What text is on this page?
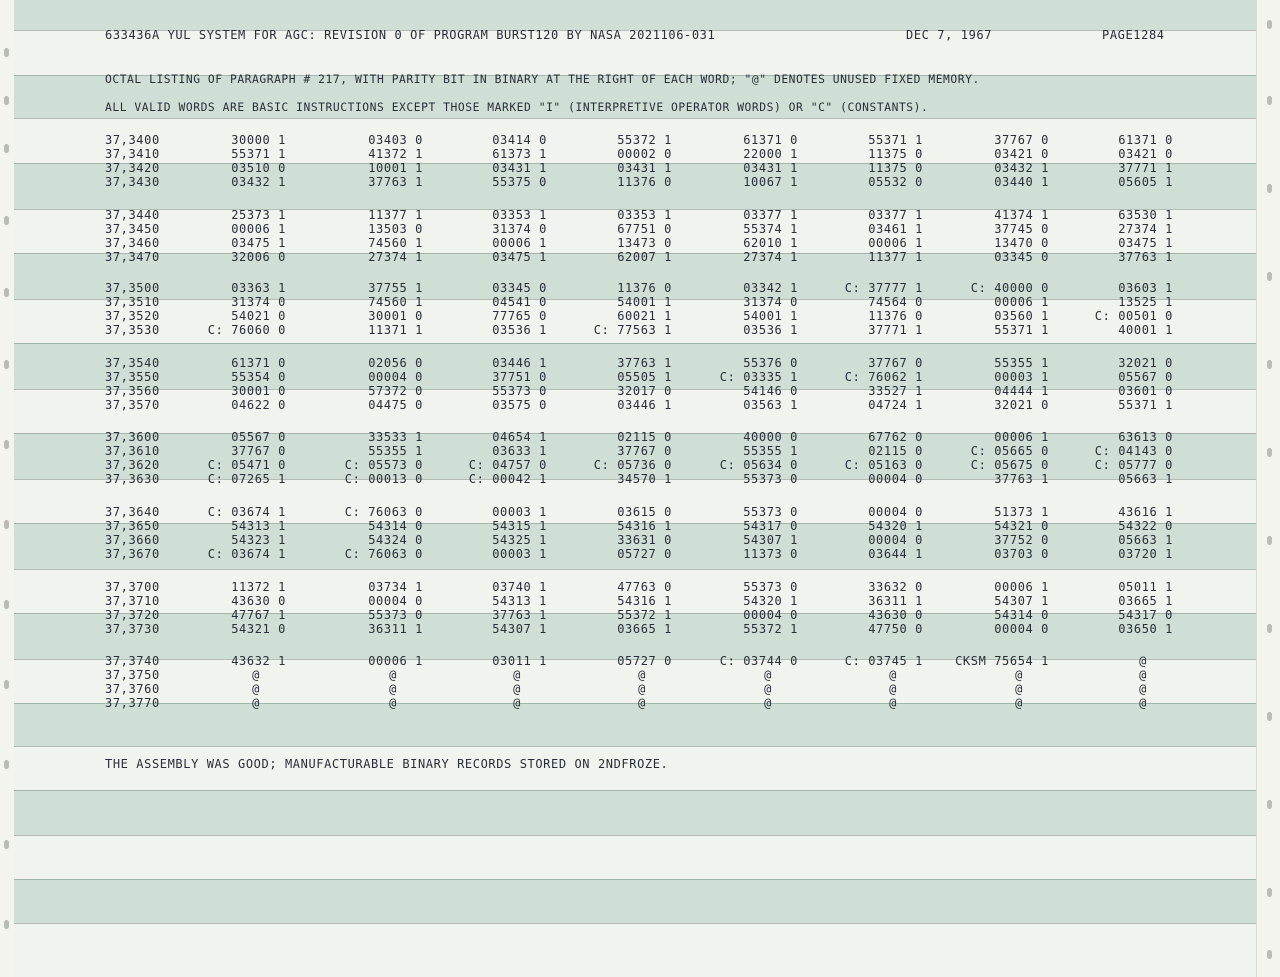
633436A YUL SYSTEM FOR AGC: REVISION 0 OF PROGRAM BURST120 BY NASA 2021106-031	DEC 7, 1967	PAGE1284
OCTAL LISTING OF PARAGRAPH # 217, WITH PARITY BIT IN BINARY AT THE RIGHT OF EACH WORD; "@" DENOTES UNUSED FIXED MEMORY.
ALL VALID WORDS ARE BASIC INSTRUCTIONS EXCEPT THOSE MARKED "I" (INTERPRETIVE OPERATOR WORDS) OR "C" (CONSTANTS).
37,3400	30000 1	03403 0	03414 0	55372 1	61371 0	55371 1	37767 0	61371 0
37,3410	55371 1	41372 1	61373 1	00002 0	22000 1	11375 0	03421 0	03421 0
37,3420	03510 0	10001 1	03431 1	03431 1	03431 1	11375 0	03432 1	37771 1
37,3430	03432 1	37763 1	55375 0	11376 0	10067 1	05532 0	03440 1	05605 1
37,3440	25373 1	11377 1	03353 1	03353 1	03377 1	03377 1	41374 1	63530 1
37,3450	00006 1	13503 0	31374 0	67751 0	55374 1	03461 1	37745 0	27374 1
37,3460	03475 1	74560 1	00006 1	13473 0	62010 1	00006 1	13470 0	03475 1
37,3470	32006 0	27374 1	03475 1	62007 1	27374 1	11377 1	03345 0	37763 1
37,3500	03363 1	37755 1	03345 0	11376 0	03342 1	C: 37777 1	C: 40000 0	03603 1
37,3510	31374 0	74560 1	04541 0	54001 1	31374 0	74564 0	00006 1	13525 1
37,3520	54021 0	30001 0	77765 0	60021 1	54001 1	11376 0	03560 1	C: 00501 0
37,3530	C: 76060 0	11371 1	03536 1	C: 77563 1	03536 1	37771 1	55371 1	40001 1
37,3540	61371 0	02056 0	03446 1	37763 1	55376 0	37767 0	55355 1	32021 0
37,3550	55354 0	00004 0	37751 0	05505 1	C: 03335 1	C: 76062 1	00003 1	05567 0
37,3560	30001 0	57372 0	55373 0	32017 0	54146 0	33527 1	04444 1	03601 0
37,3570	04622 0	04475 0	03575 0	03446 1	03563 1	04724 1	32021 0	55371 1
37,3600	05567 0	33533 1	04654 1	02115 0	40000 0	67762 0	00006 1	63613 0
37,3610	37767 0	55355 1	03633 1	37767 0	55355 1	02115 0	C: 05665 0	C: 04143 0
37,3620	C: 05471 0	C: 05573 0	C: 04757 0	C: 05736 0	C: 05634 0	C: 05163 0	C: 05675 0	C: 05777 0
37,3630	C: 07265 1	C: 00013 0	C: 00042 1	34570 1	55373 0	00004 0	37763 1	05663 1
37,3640	C: 03674 1	C: 76063 0	00003 1	03615 0	55373 0	00004 0	51373 1	43616 1
37,3650	54313 1	54314 0	54315 1	54316 1	54317 0	54320 1	54321 0	54322 0
37,3660	54323 1	54324 0	54325 1	33631 0	54307 1	00004 0	37752 0	05663 1
37,3670	C: 03674 1	C: 76063 0	00003 1	05727 0	11373 0	03644 1	03703 0	03720 1
37,3700	11372 1	03734 1	03740 1	47763 0	55373 0	33632 0	00006 1	05011 1
37,3710	43630 0	00004 0	54313 1	54316 1	54320 1	36311 1	54307 1	03665 1
37,3720	47767 1	55373 0	37763 1	55372 1	00004 0	43630 0	54314 0	54317 0
37,3730	54321 0	36311 1	54307 1	03665 1	55372 1	47750 0	00004 0	03650 1
37,3740	43632 1	00006 1	03011 1	05727 0	C: 03744 0	C: 03745 1	CKSM 75654 1	@
37,3750	@	@	@	@	@	@	@	@
37,3760	@	@	@	@	@	@	@	@
37,3770	@	@	@	@	@	@	@	@
THE ASSEMBLY WAS GOOD; MANUFACTURABLE BINARY RECORDS STORED ON 2NDFROZE.
